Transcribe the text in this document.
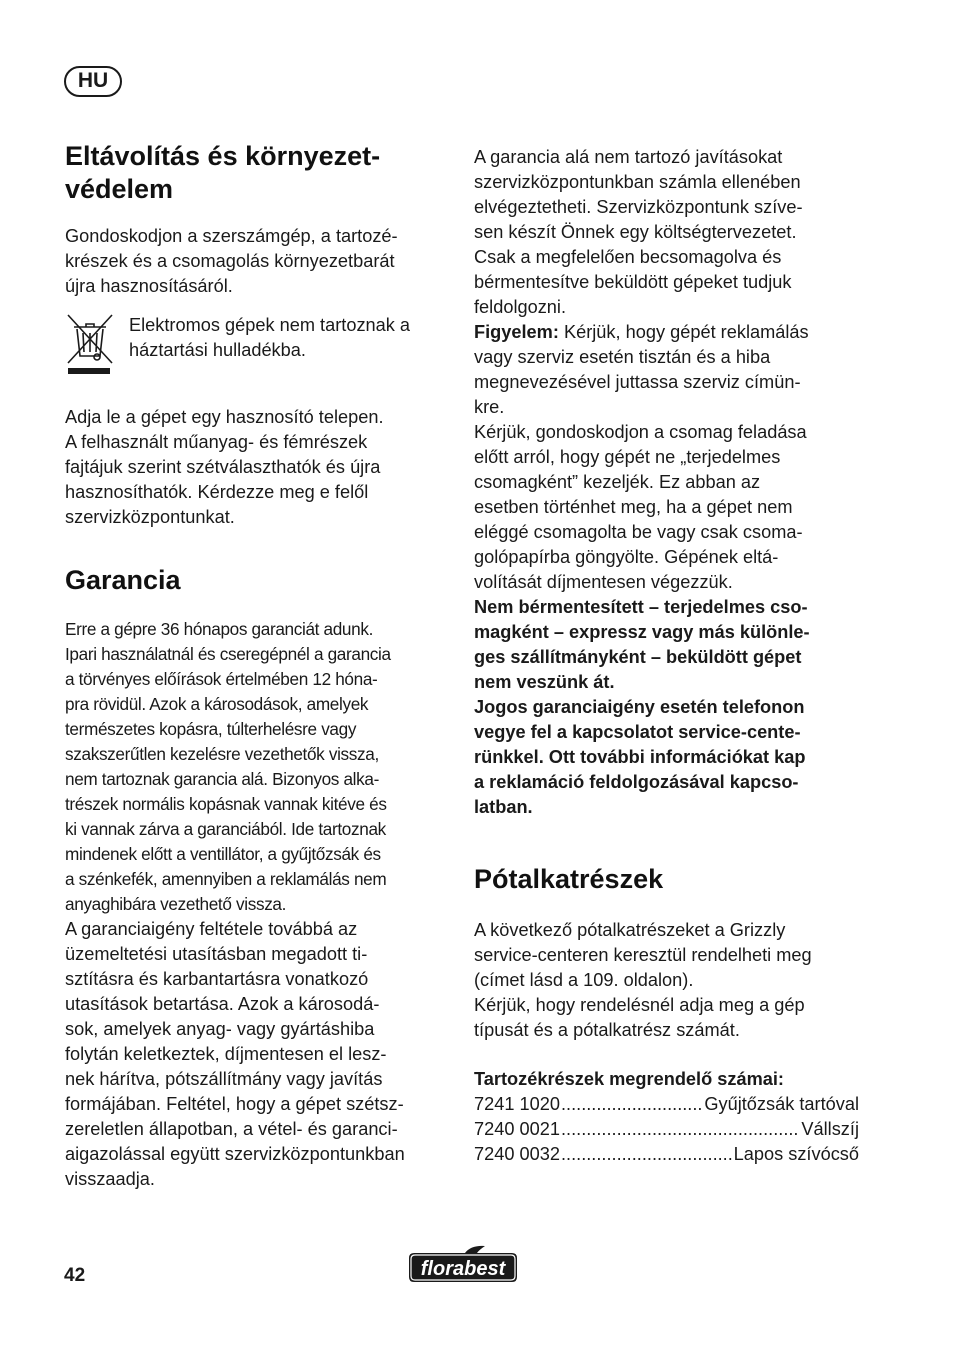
HU
Eltávolítás és környezet-
védelem

Gondoskodjon a szerszámgép, a tartozé-
krészek és a csomagolás környezetbarát
újra hasznosításáról.

Elektromos gépek nem tartoznak a
háztartási hulladékba.

Adja le a gépet egy hasznosító telepen.
A felhasznált műanyag- és fémrészek
fajtájuk szerint szétválaszthatók és újra
hasznosíthatók. Kérdezze meg e felől
szervizközpontunkat.

Garancia

Erre a gépre 36 hónapos garanciát adunk.
Ipari használatnál és cseregépnél a garancia
a törvényes előírások értelmében 12 hóna-
pra rövidül. Azok a károsodások, amelyek
természetes kopásra, túlterhelésre vagy
szakszerűtlen kezelésre vezethetők vissza,
nem tartoznak garancia alá. Bizonyos alka-
trészek normális kopásnak vannak kitéve és
ki vannak zárva a garanciából. Ide tartoznak
mindenek előtt a ventillátor, a gyűjtőzsák és
a szénkefék, amennyiben a reklamálás nem
anyaghibára vezethető vissza.

A garanciaigény feltétele továbbá az
üzemeltetési utasításban megadott ti-
sztításra és karbantartásra vonatkozó
utasítások betartása. Azok a károsodá-
sok, amelyek anyag- vagy gyártáshiba
folytán keletkeztek, díjmentesen el lesz-
nek hárítva, pótszállítmány vagy javítás
formájában. Feltétel, hogy a gépet szétsz-
zereletlen állapotban, a vétel- és garanci-
aigazolással együtt szervizközpontunkban
visszaadja.

A garancia alá nem tartozó javításokat
szervizközpontunkban számla ellenében
elvégeztetheti. Szervizközpontunk szíve-
sen készít Önnek egy költségtervezetet.
Csak a megfelelően becsomagolva és
bérmentesítve beküldött gépeket tudjuk
feldolgozni.

Figyelem: Kérjük, hogy gépét reklamálás
vagy szerviz esetén tisztán és a hiba
megnevezésével juttassa szerviz címün-
kre.

Kérjük, gondoskodjon a csomag feladása
előtt arról, hogy gépét ne „terjedelmes
csomagként” kezeljék. Ez abban az
esetben történhet meg, ha a gépet nem
eléggé csomagolta be vagy csak csoma-
golópapírba göngyölte. Gépének eltá-
volítását díjmentesen végezzük.

Nem bérmentesített – terjedelmes cso-
magként – expressz vagy más különle-
ges szállítmányként – beküldött gépet
nem veszünk át.

Jogos garanciaigény esetén telefonon
vegye fel a kapcsolatot service-cente-
rünkkel. Ott további információkat kap
a reklamáció feldolgozásával kapcso-
latban.

Pótalkatrészek

A következő pótalkatrészeket a Grizzly
service-centeren keresztül rendelheti meg
(címet lásd a 109. oldalon).
Kérjük, hogy rendelésnél adja meg a gép
típusát és a pótalkatrész számát.

Tartozékrészek megrendelő számai:

7241 1020 .....	Gyűjtőzsák tartóval
7240 0021 .....	Vállszíj
7240 0032 .....	Lapos szívócső
42	florabest
